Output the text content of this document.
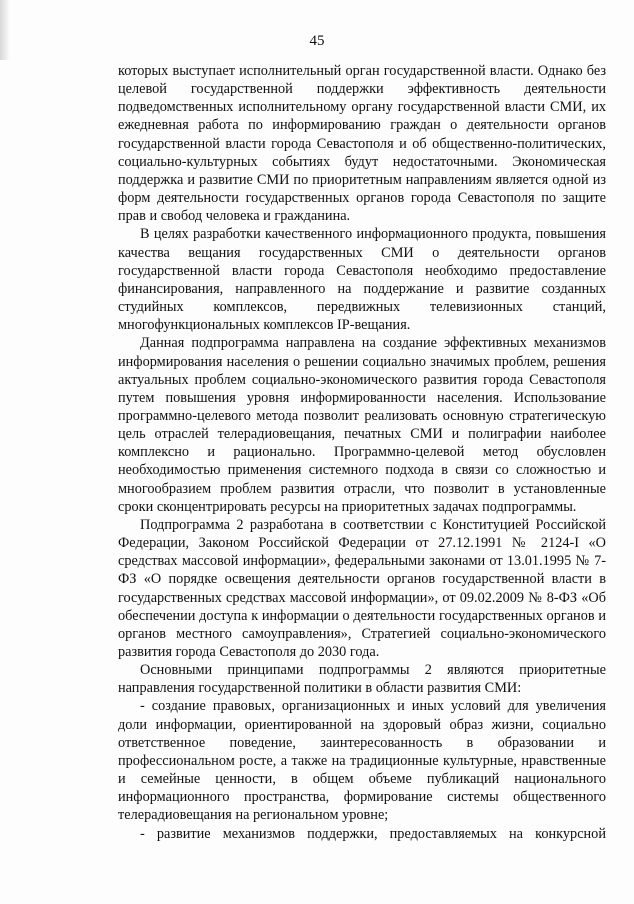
45

которых выступает исполнительный орган государственной власти. Однако без целевой государственной поддержки эффективность деятельности подведомственных исполнительному органу государственной власти СМИ, их ежедневная работа по информированию граждан о деятельности органов государственной власти города Севастополя и об общественно-политических, социально-культурных событиях будут недостаточными. Экономическая поддержка и развитие СМИ по приоритетным направлениям является одной из форм деятельности государственных органов города Севастополя по защите прав и свобод человека и гражданина.

В целях разработки качественного информационного продукта, повышения качества вещания государственных СМИ о деятельности органов государственной власти города Севастополя необходимо предоставление финансирования, направленного на поддержание и развитие созданных студийных комплексов, передвижных телевизионных станций, многофункциональных комплексов IP-вещания.

Данная подпрограмма направлена на создание эффективных механизмов информирования населения о решении социально значимых проблем, решения актуальных проблем социально-экономического развития города Севастополя путем повышения уровня информированности населения. Использование программно-целевого метода позволит реализовать основную стратегическую цель отраслей телерадиовещания, печатных СМИ и полиграфии наиболее комплексно и рационально. Программно-целевой метод обусловлен необходимостью применения системного подхода в связи со сложностью и многообразием проблем развития отрасли, что позволит в установленные сроки сконцентрировать ресурсы на приоритетных задачах подпрограммы.

Подпрограмма 2 разработана в соответствии с Конституцией Российской Федерации, Законом Российской Федерации от 27.12.1991 № 2124-I «О средствах массовой информации», федеральными законами от 13.01.1995 № 7-ФЗ «О порядке освещения деятельности органов государственной власти в государственных средствах массовой информации», от 09.02.2009 № 8-ФЗ «Об обеспечении доступа к информации о деятельности государственных органов и органов местного самоуправления», Стратегией социально-экономического развития города Севастополя до 2030 года.

Основными принципами подпрограммы 2 являются приоритетные направления государственной политики в области развития СМИ:

- создание правовых, организационных и иных условий для увеличения доли информации, ориентированной на здоровый образ жизни, социально ответственное поведение, заинтересованность в образовании и профессиональном росте, а также на традиционные культурные, нравственные и семейные ценности, в общем объеме публикаций национального информационного пространства, формирование системы общественного телерадиовещания на региональном уровне;

- развитие механизмов поддержки, предоставляемых на конкурсной
